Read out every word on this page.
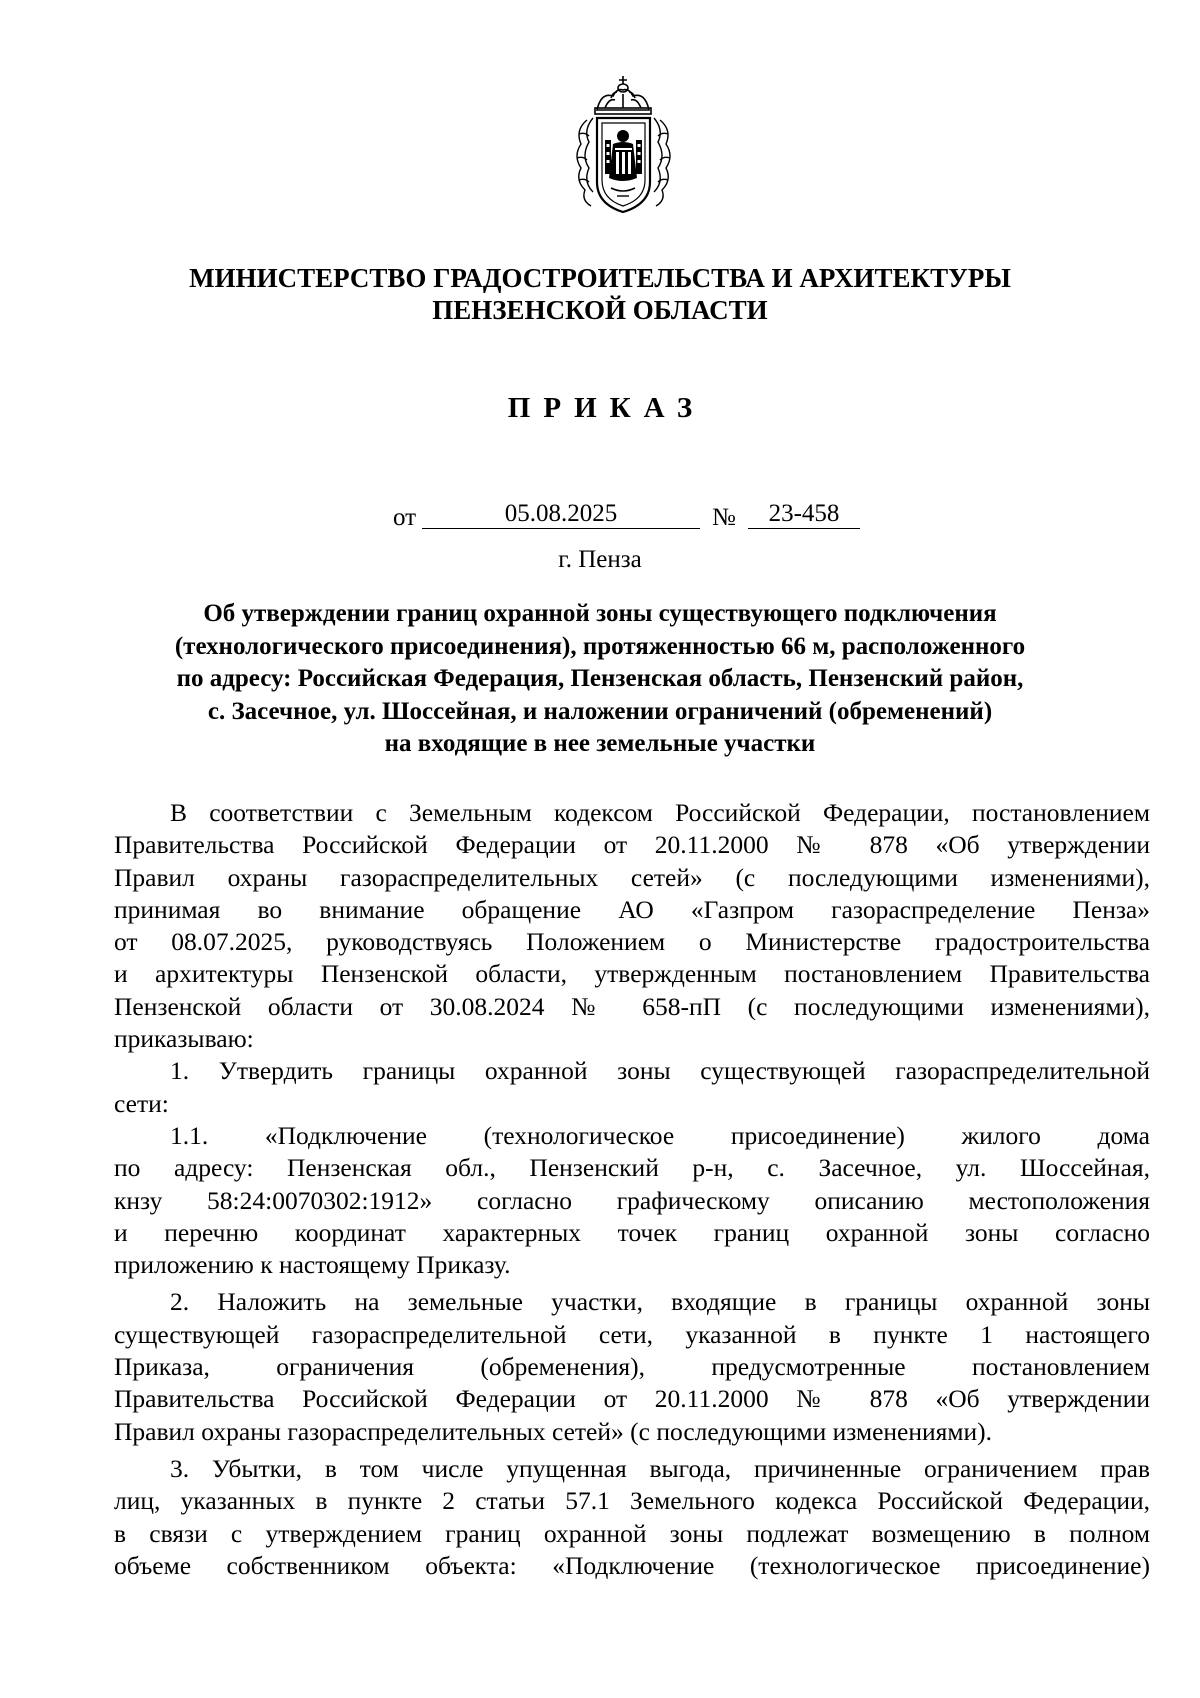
МИНИСТЕРСТВО ГРАДОСТРОИТЕЛЬСТВА И АРХИТЕКТУРЫ
ПЕНЗЕНСКОЙ ОБЛАСТИ
ПРИКАЗ
от	05.08.2025	№	23-458
г. Пенза
Об утверждении границ охранной зоны существующего подключения
(технологического присоединения), протяженностью 66 м, расположенного
по адресу: Российская Федерация, Пензенская область, Пензенский район,
с. Засечное, ул. Шоссейная, и наложении ограничений (обременений)
на входящие в нее земельные участки
В соответствии с Земельным кодексом Российской Федерации, постановлением
Правительства Российской Федерации от 20.11.2000 № 878 «Об утверждении
Правил охраны газораспределительных сетей» (с последующими изменениями),
принимая во внимание обращение АО «Газпром газораспределение Пенза»
от 08.07.2025, руководствуясь Положением о Министерстве градостроительства
и архитектуры Пензенской области, утвержденным постановлением Правительства
Пензенской области от 30.08.2024 № 658-пП (с последующими изменениями),
приказываю:
1. Утвердить границы охранной зоны существующей газораспределительной
сети:
1.1. «Подключение (технологическое присоединение) жилого дома
по адресу: Пензенская обл., Пензенский р-н, с. Засечное, ул. Шоссейная,
кнзу 58:24:0070302:1912» согласно графическому описанию местоположения
и перечню координат характерных точек границ охранной зоны согласно
приложению к настоящему Приказу.
2. Наложить на земельные участки, входящие в границы охранной зоны
существующей газораспределительной сети, указанной в пункте 1 настоящего
Приказа, ограничения (обременения), предусмотренные постановлением
Правительства Российской Федерации от 20.11.2000 № 878 «Об утверждении
Правил охраны газораспределительных сетей» (с последующими изменениями).
3. Убытки, в том числе упущенная выгода, причиненные ограничением прав
лиц, указанных в пункте 2 статьи 57.1 Земельного кодекса Российской Федерации,
в связи с утверждением границ охранной зоны подлежат возмещению в полном
объеме собственником объекта: «Подключение (технологическое присоединение)
